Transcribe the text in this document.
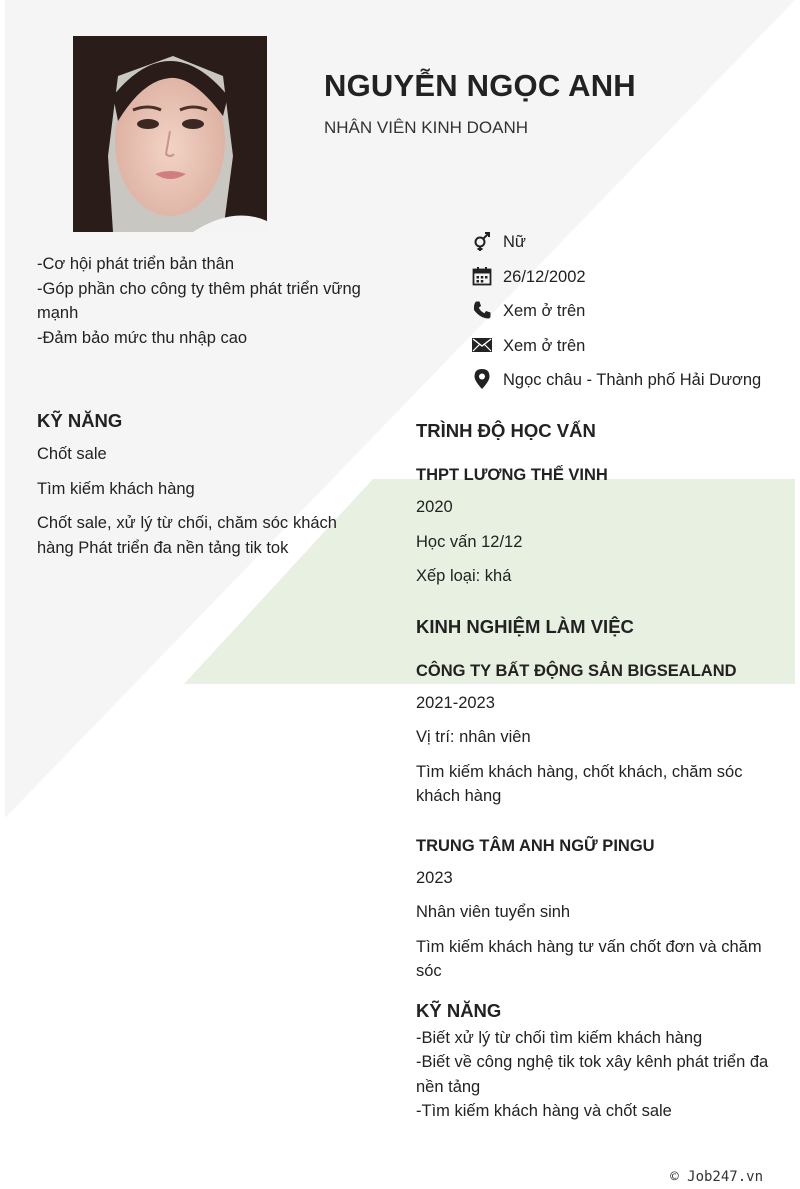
NGUYỄN NGỌC ANH

NHÂN VIÊN KINH DOANH

-Cơ hội phát triển bản thân
-Góp phần cho công ty thêm phát triển vững mạnh
-Đảm bảo mức thu nhập cao
Nữ
26/12/2002
Xem ở trên
Xem ở trên
Ngọc châu - Thành phố Hải Dương
KỸ NĂNG
Chốt sale
Tìm kiếm khách hàng
Chốt sale, xử lý từ chối, chăm sóc khách hàng Phát triển đa nền tảng tik tok
TRÌNH ĐỘ HỌC VẤN
THPT LƯƠNG THẾ VINH
2020
Học vấn 12/12
Xếp loại: khá
KINH NGHIỆM LÀM VIỆC
CÔNG TY BẤT ĐỘNG SẢN BIGSEALAND
2021-2023
Vị trí: nhân viên
Tìm kiếm khách hàng, chốt khách, chăm sóc khách hàng
TRUNG TÂM ANH NGỮ PINGU
2023
Nhân viên tuyển sinh
Tìm kiếm khách hàng tư vấn chốt đơn và chăm sóc
KỸ NĂNG
-Biết xử lý từ chối tìm kiếm khách hàng
-Biết về công nghệ tik tok xây kênh phát triển đa nền tảng
-Tìm kiếm khách hàng và chốt sale
© Job247.vn
